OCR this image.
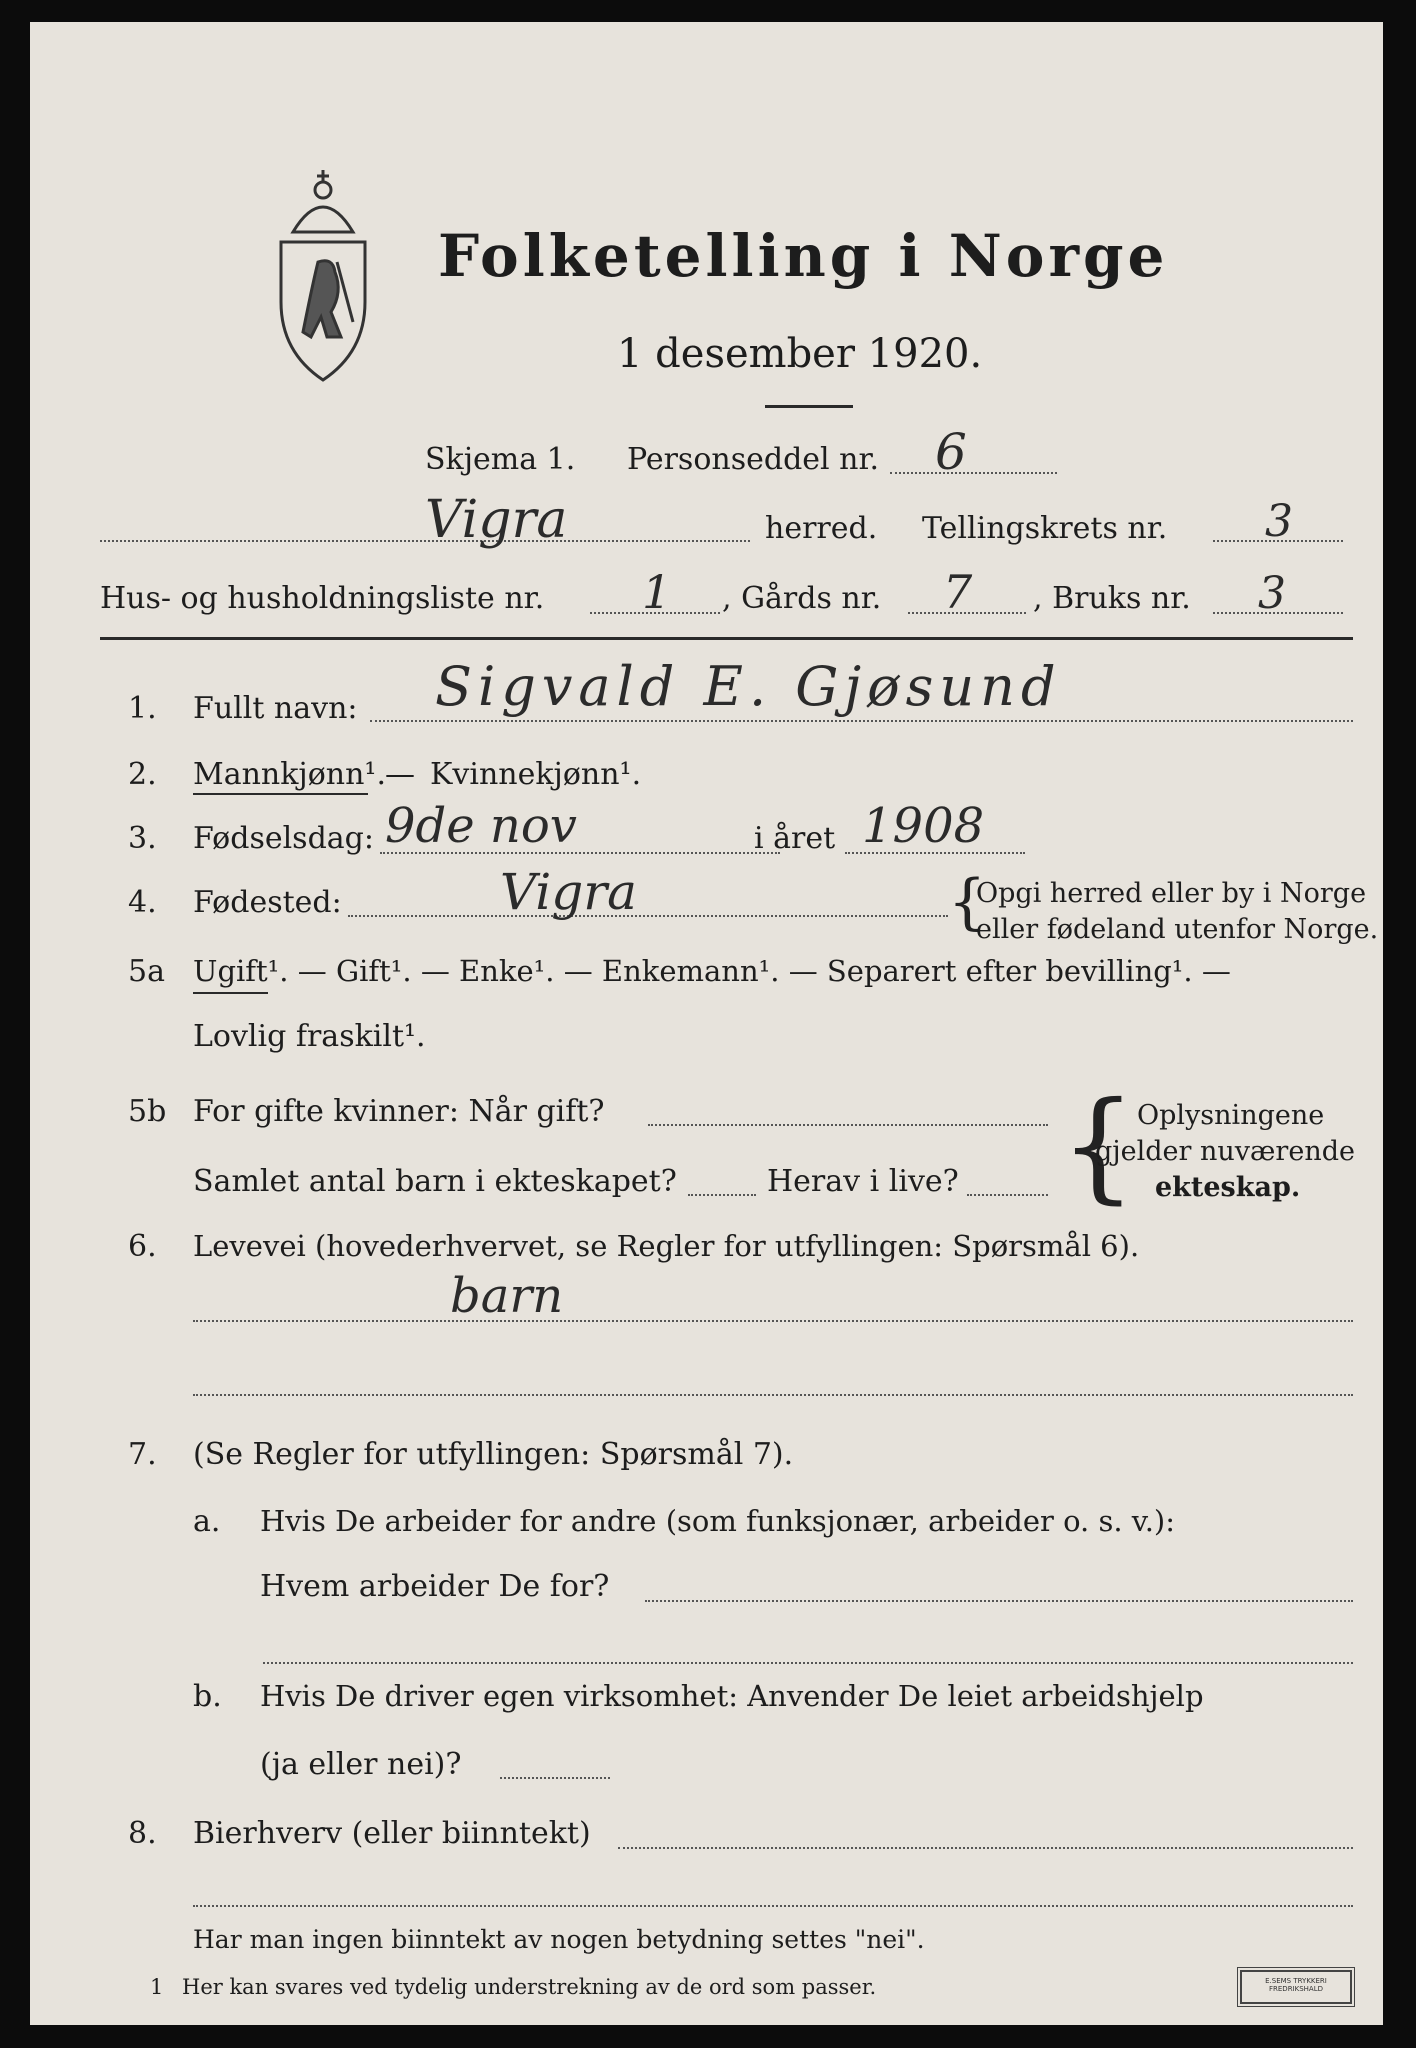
Folketelling i Norge
1 desember 1920.
Skjema 1. Personseddel nr. 6
Vigra	herred. Tellingskrets nr. 3
Hus- og husholdningsliste nr. 1 , Gårds nr. 7 , Bruks nr. 3
1. Fullt navn: Sigvald E. Gjøsund
2. Mannkjønn¹. — Kvinnekjønn¹.
3. Fødselsdag: 9de nov	i året 1908
4. Fødested:	Vigra	{
Opgi herred eller by i Norge
eller fødeland utenfor Norge.
5a Ugift¹. — Gift¹. — Enke¹. — Enkemann¹. — Separert efter bevilling¹. —
Lovlig fraskilt¹.
5b For gifte kvinner: Når gift?
Samlet antal barn i ekteskapet?	Herav i live? { Oplysningene
gjelder nuværende
ekteskap.
6. Levevei (hovederhvervet, se Regler for utfyllingen: Spørsmål 6).
barn
7. (Se Regler for utfyllingen: Spørsmål 7).
a. Hvis De arbeider for andre (som funksjonær, arbeider o. s. v.):
Hvem arbeider De for?
b. Hvis De driver egen virksomhet: Anvender De leiet arbeidshjelp
(ja eller nei)?
8. Bierhverv (eller biinntekt)
Har man ingen biinntekt av nogen betydning settes "nei".
1 Her kan svares ved tydelig understrekning av de ord som passer.	E.SEMS TRYKKERI
FREDRIKSHALD
